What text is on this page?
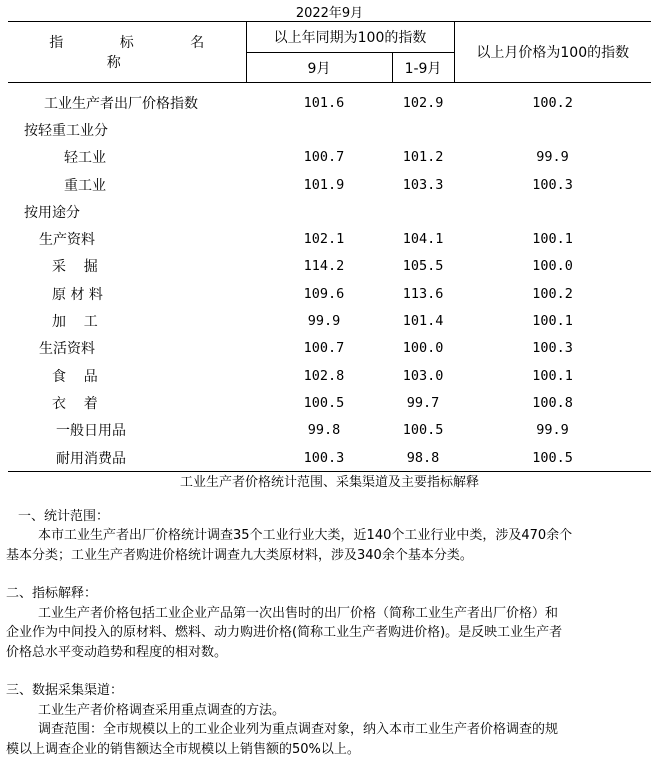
2022年9月
指 标 名 称	以上年同期为100的指数		以上月价格为100的指数
	9月	1-9月	

工业生产者出厂价格指数	101.6	102.9	100.2
按轻重工业分			
轻工业	100.7	101.2	99.9
重工业	101.9	103.3	100.3
按用途分			
生产资料	102.1	104.1	100.1
采    掘	114.2	105.5	100.0
原 材 料	109.6	113.6	100.2
加    工	99.9	101.4	100.1
生活资料	100.7	100.0	100.3
食    品	102.8	103.0	100.1
衣    着	100.5	99.7	100.8
一般日用品	99.8	100.5	99.9
耐用消费品	100.3	98.8	100.5

工业生产者价格统计范围、采集渠道及主要指标解释

一、统计范围：

本市工业生产者出厂价格统计调查35个工业行业大类，近140个工业行业中类，涉及470余个

基本分类；工业生产者购进价格统计调查九大类原材料，涉及340余个基本分类。

二、指标解释：

工业生产者价格包括工业企业产品第一次出售时的出厂价格（简称工业生产者出厂价格）和

企业作为中间投入的原材料、燃料、动力购进价格(简称工业生产者购进价格)。是反映工业生产者

价格总水平变动趋势和程度的相对数。

三、数据采集渠道：

工业生产者价格调查采用重点调查的方法。

调查范围：全市规模以上的工业企业列为重点调查对象，纳入本市工业生产者价格调查的规

模以上调查企业的销售额达全市规模以上销售额的50%以上。
